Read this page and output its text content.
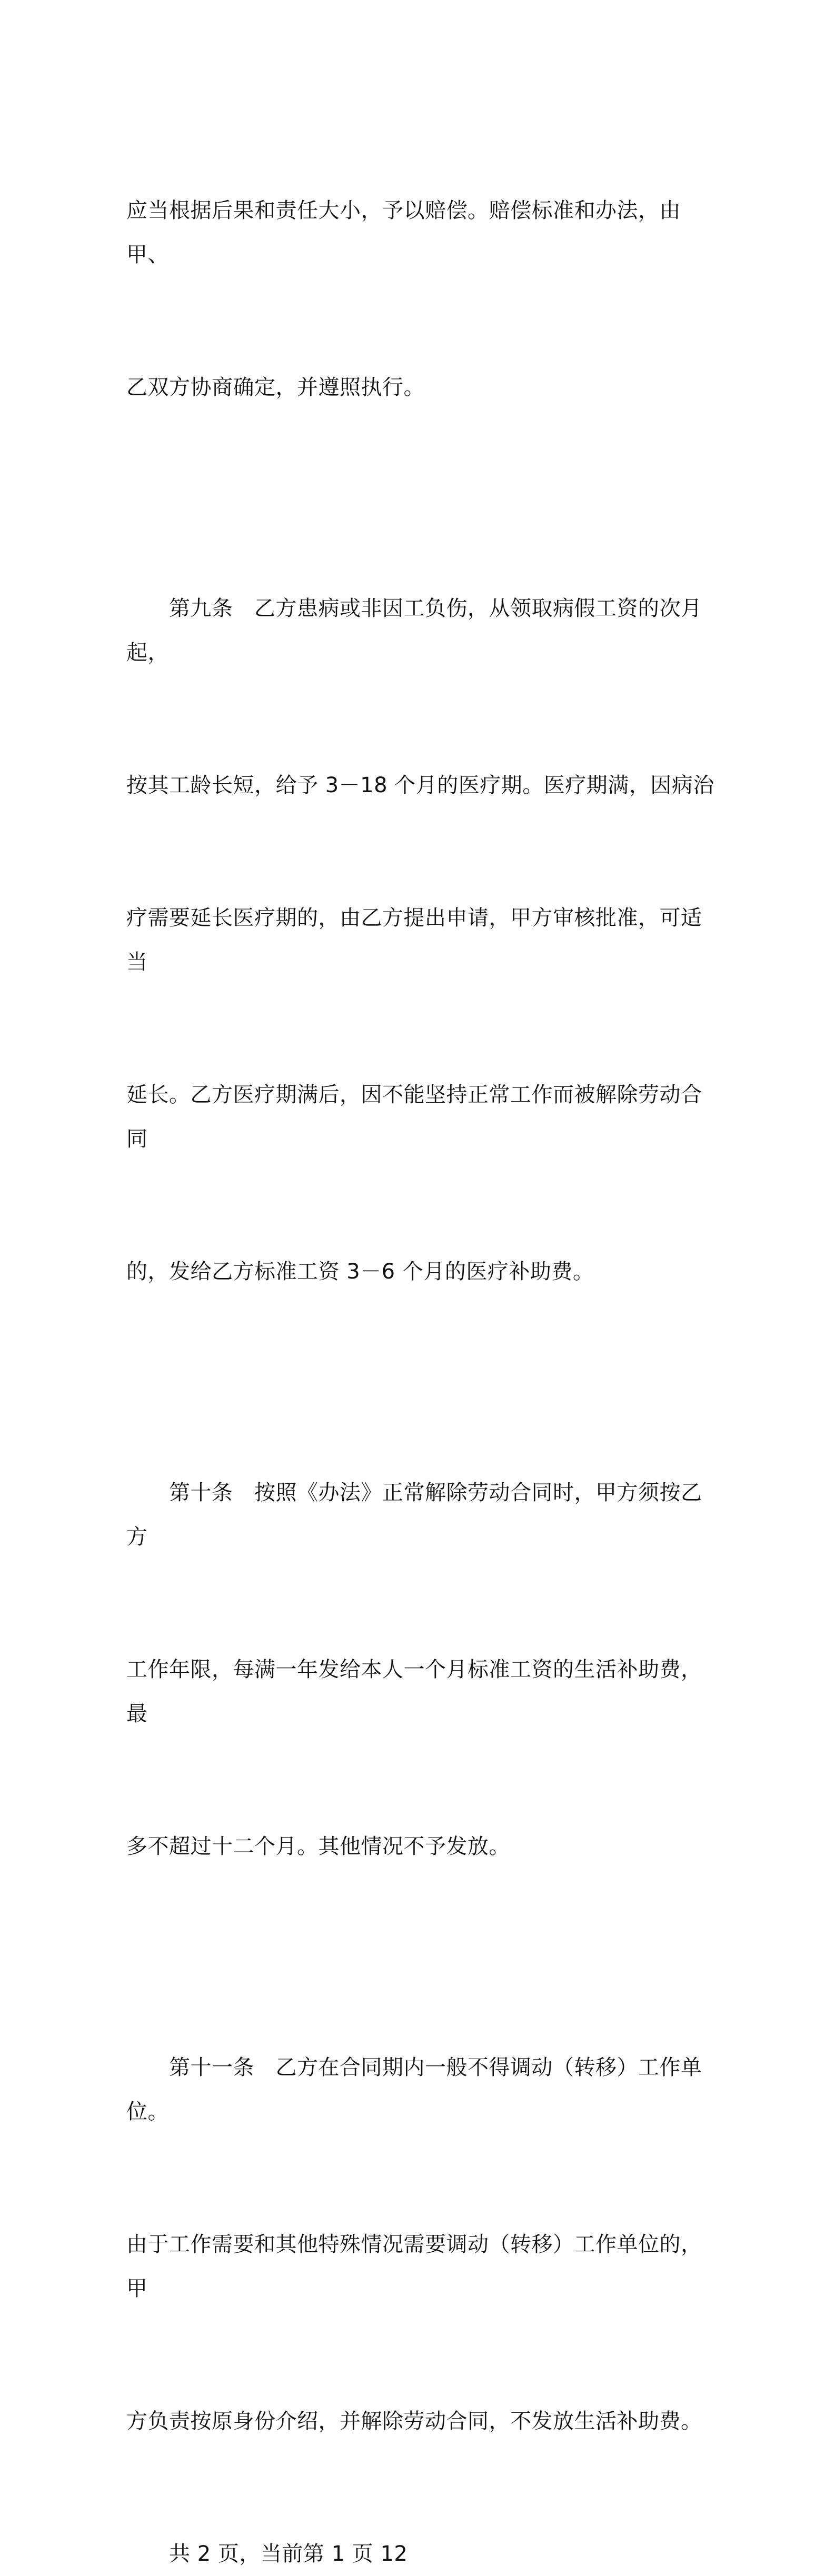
应当根据后果和责任大小，予以赔偿。赔偿标准和办法，由甲、

乙双方协商确定，并遵照执行。

第九条　乙方患病或非因工负伤，从领取病假工资的次月起，

按其工龄长短，给予 3－18 个月的医疗期。医疗期满，因病治

疗需要延长医疗期的，由乙方提出申请，甲方审核批准，可适当

延长。乙方医疗期满后，因不能坚持正常工作而被解除劳动合同

的，发给乙方标准工资 3－6 个月的医疗补助费。

第十条　按照《办法》正常解除劳动合同时，甲方须按乙方

工作年限，每满一年发给本人一个月标准工资的生活补助费，最

多不超过十二个月。其他情况不予发放。

第十一条　乙方在合同期内一般不得调动（转移）工作单位。

由于工作需要和其他特殊情况需要调动（转移）工作单位的，甲

方负责按原身份介绍，并解除劳动合同，不发放生活补助费。

共 2 页，当前第 1 页 12
